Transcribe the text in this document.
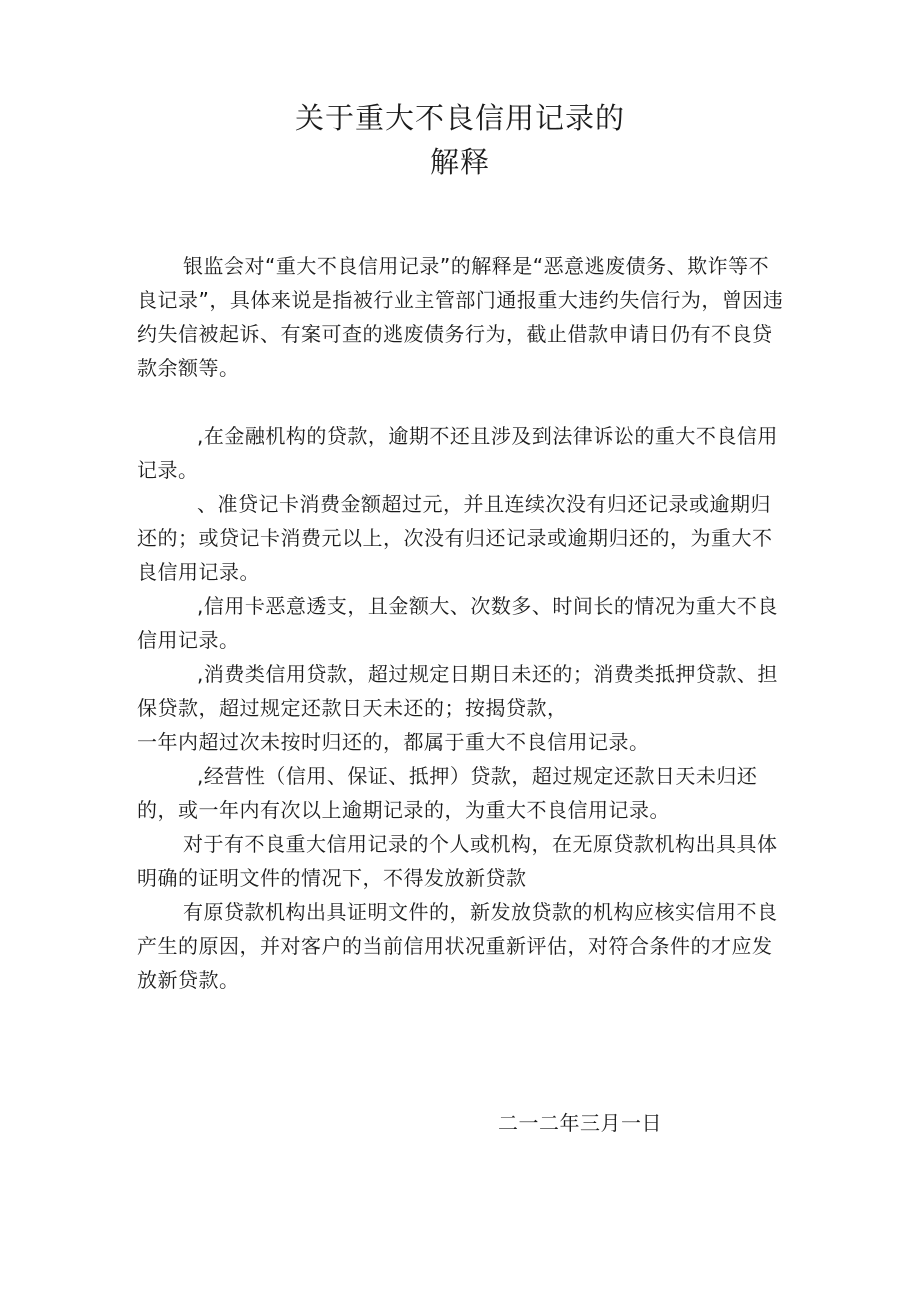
关于重大不良信用记录的

解释

银监会对“重大不良信用记录”的解释是“恶意逃废债务、欺诈等不良记录”，具体来说是指被行业主管部门通报重大违约失信行为，曾因违约失信被起诉、有案可查的逃废债务行为，截止借款申请日仍有不良贷款余额等。

,在金融机构的贷款，逾期不还且涉及到法律诉讼的重大不良信用记录。

、准贷记卡消费金额超过元，并且连续次没有归还记录或逾期归还的；或贷记卡消费元以上，次没有归还记录或逾期归还的，为重大不良信用记录。

,信用卡恶意透支，且金额大、次数多、时间长的情况为重大不良信用记录。

,消费类信用贷款，超过规定日期日未还的；消费类抵押贷款、担保贷款，超过规定还款日天未还的；按揭贷款，

一年内超过次未按时归还的，都属于重大不良信用记录。

,经营性（信用、保证、抵押）贷款，超过规定还款日天未归还的，或一年内有次以上逾期记录的，为重大不良信用记录。

对于有不良重大信用记录的个人或机构，在无原贷款机构出具具体明确的证明文件的情况下，不得发放新贷款

有原贷款机构出具证明文件的，新发放贷款的机构应核实信用不良产生的原因，并对客户的当前信用状况重新评估，对符合条件的才应发放新贷款。

二一二年三月一日
